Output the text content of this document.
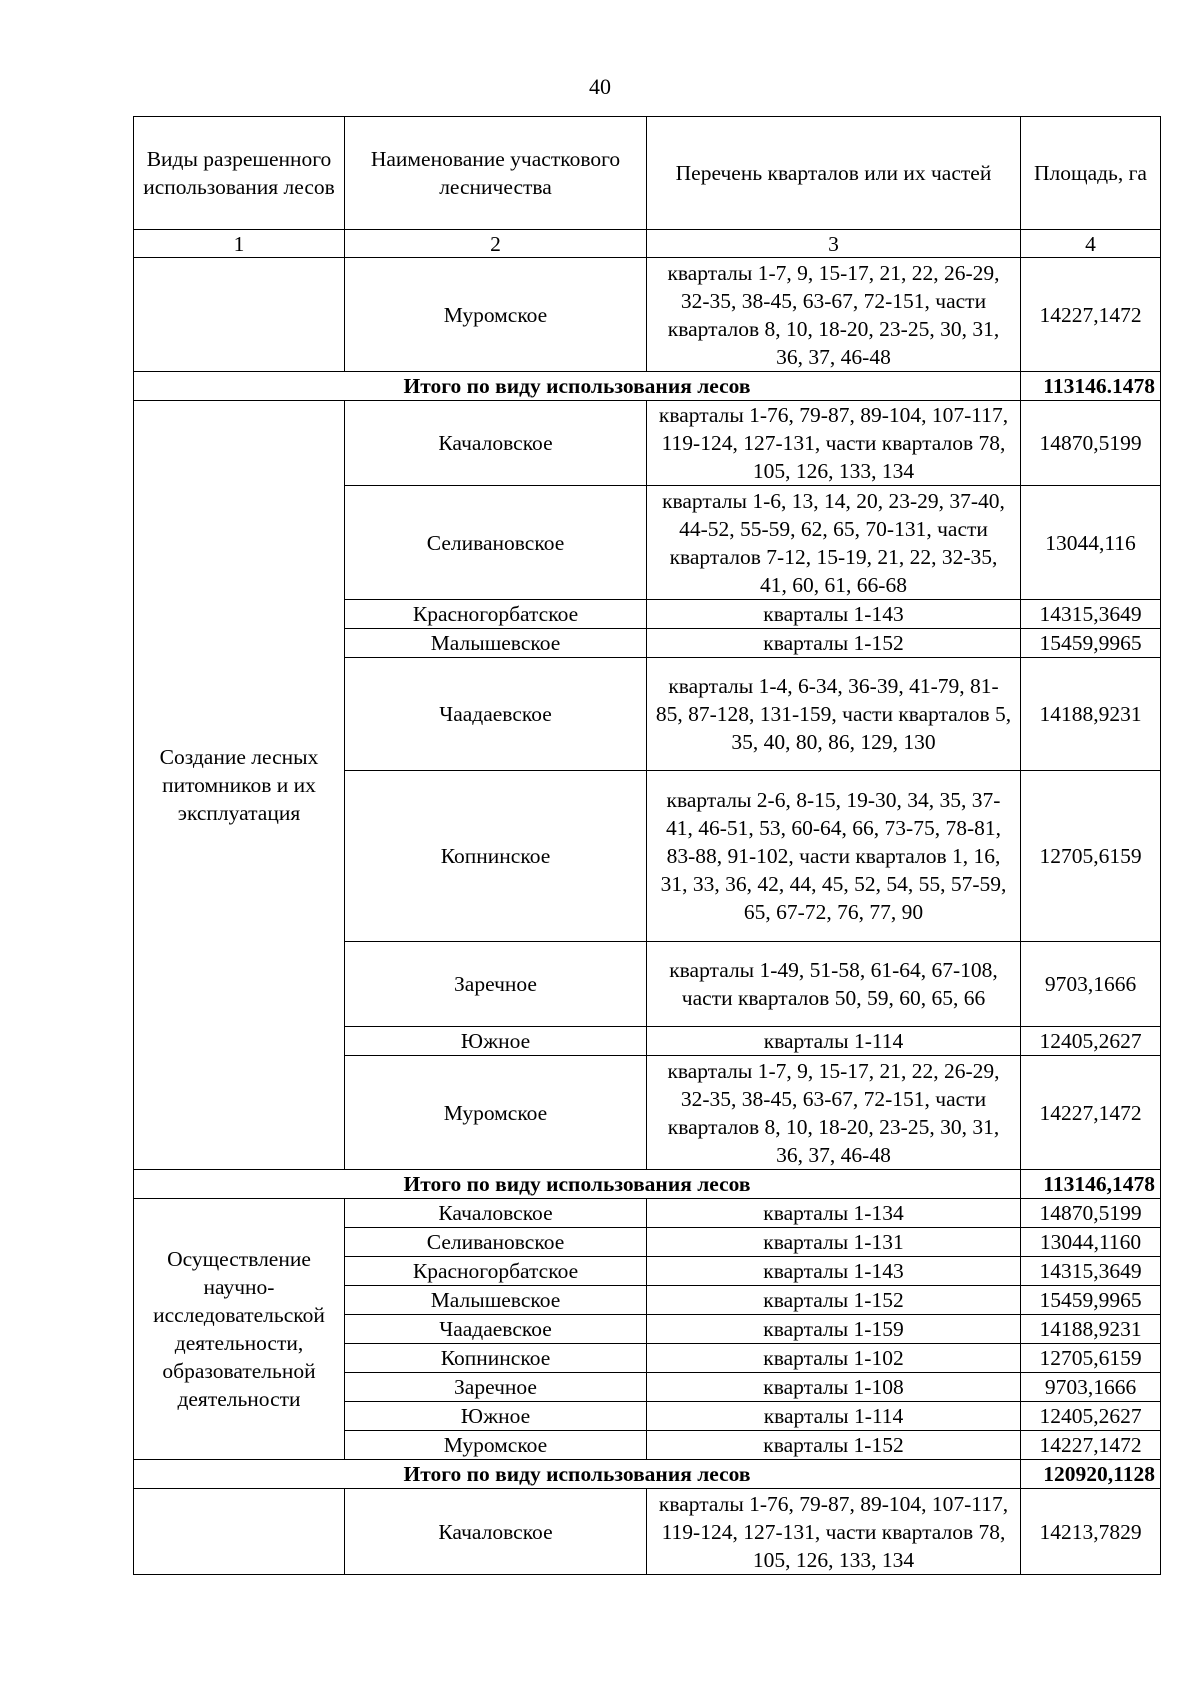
40
Виды разрешенного использования лесов	Наименование участкового лесничества	Перечень кварталов или их частей	Площадь, га
1	2	3	4
	Муромское	кварталы 1-7, 9, 15-17, 21, 22, 26-29, 32-35, 38-45, 63-67, 72-151, части кварталов 8, 10, 18-20, 23-25, 30, 31, 36, 37, 46-48	14227,1472
Итого по виду использования лесов			113146.1478
Создание лесных питомников и их эксплуатация	Качаловское	кварталы 1-76, 79-87, 89-104, 107-117, 119-124, 127-131, части кварталов 78, 105, 126, 133, 134	14870,5199
	Селивановское	кварталы 1-6, 13, 14, 20, 23-29, 37-40, 44-52, 55-59, 62, 65, 70-131, части кварталов 7-12, 15-19, 21, 22, 32-35, 41, 60, 61, 66-68	13044,116
	Красногорбатское	кварталы 1-143	14315,3649
	Малышевское	кварталы 1-152	15459,9965
	Чаадаевское	кварталы 1-4, 6-34, 36-39, 41-79, 81-85, 87-128, 131-159, части кварталов 5, 35, 40, 80, 86, 129, 130	14188,9231
	Копнинское	кварталы 2-6, 8-15, 19-30, 34, 35, 37-41, 46-51, 53, 60-64, 66, 73-75, 78-81, 83-88, 91-102, части кварталов 1, 16, 31, 33, 36, 42, 44, 45, 52, 54, 55, 57-59, 65, 67-72, 76, 77, 90	12705,6159
	Заречное	кварталы 1-49, 51-58, 61-64, 67-108, части кварталов 50, 59, 60, 65, 66	9703,1666
	Южное	кварталы 1-114	12405,2627
	Муромское	кварталы 1-7, 9, 15-17, 21, 22, 26-29, 32-35, 38-45, 63-67, 72-151, части кварталов 8, 10, 18-20, 23-25, 30, 31, 36, 37, 46-48	14227,1472
Итого по виду использования лесов			113146,1478
Осуществление научно-исследовательской деятельности, образовательной деятельности	Качаловское	кварталы 1-134	14870,5199
	Селивановское	кварталы 1-131	13044,1160
	Красногорбатское	кварталы 1-143	14315,3649
	Малышевское	кварталы 1-152	15459,9965
	Чаадаевское	кварталы 1-159	14188,9231
	Копнинское	кварталы 1-102	12705,6159
	Заречное	кварталы 1-108	9703,1666
	Южное	кварталы 1-114	12405,2627
	Муромское	кварталы 1-152	14227,1472
Итого по виду использования лесов			120920,1128
	Качаловское	кварталы 1-76, 79-87, 89-104, 107-117, 119-124, 127-131, части кварталов 78, 105, 126, 133, 134	14213,7829
